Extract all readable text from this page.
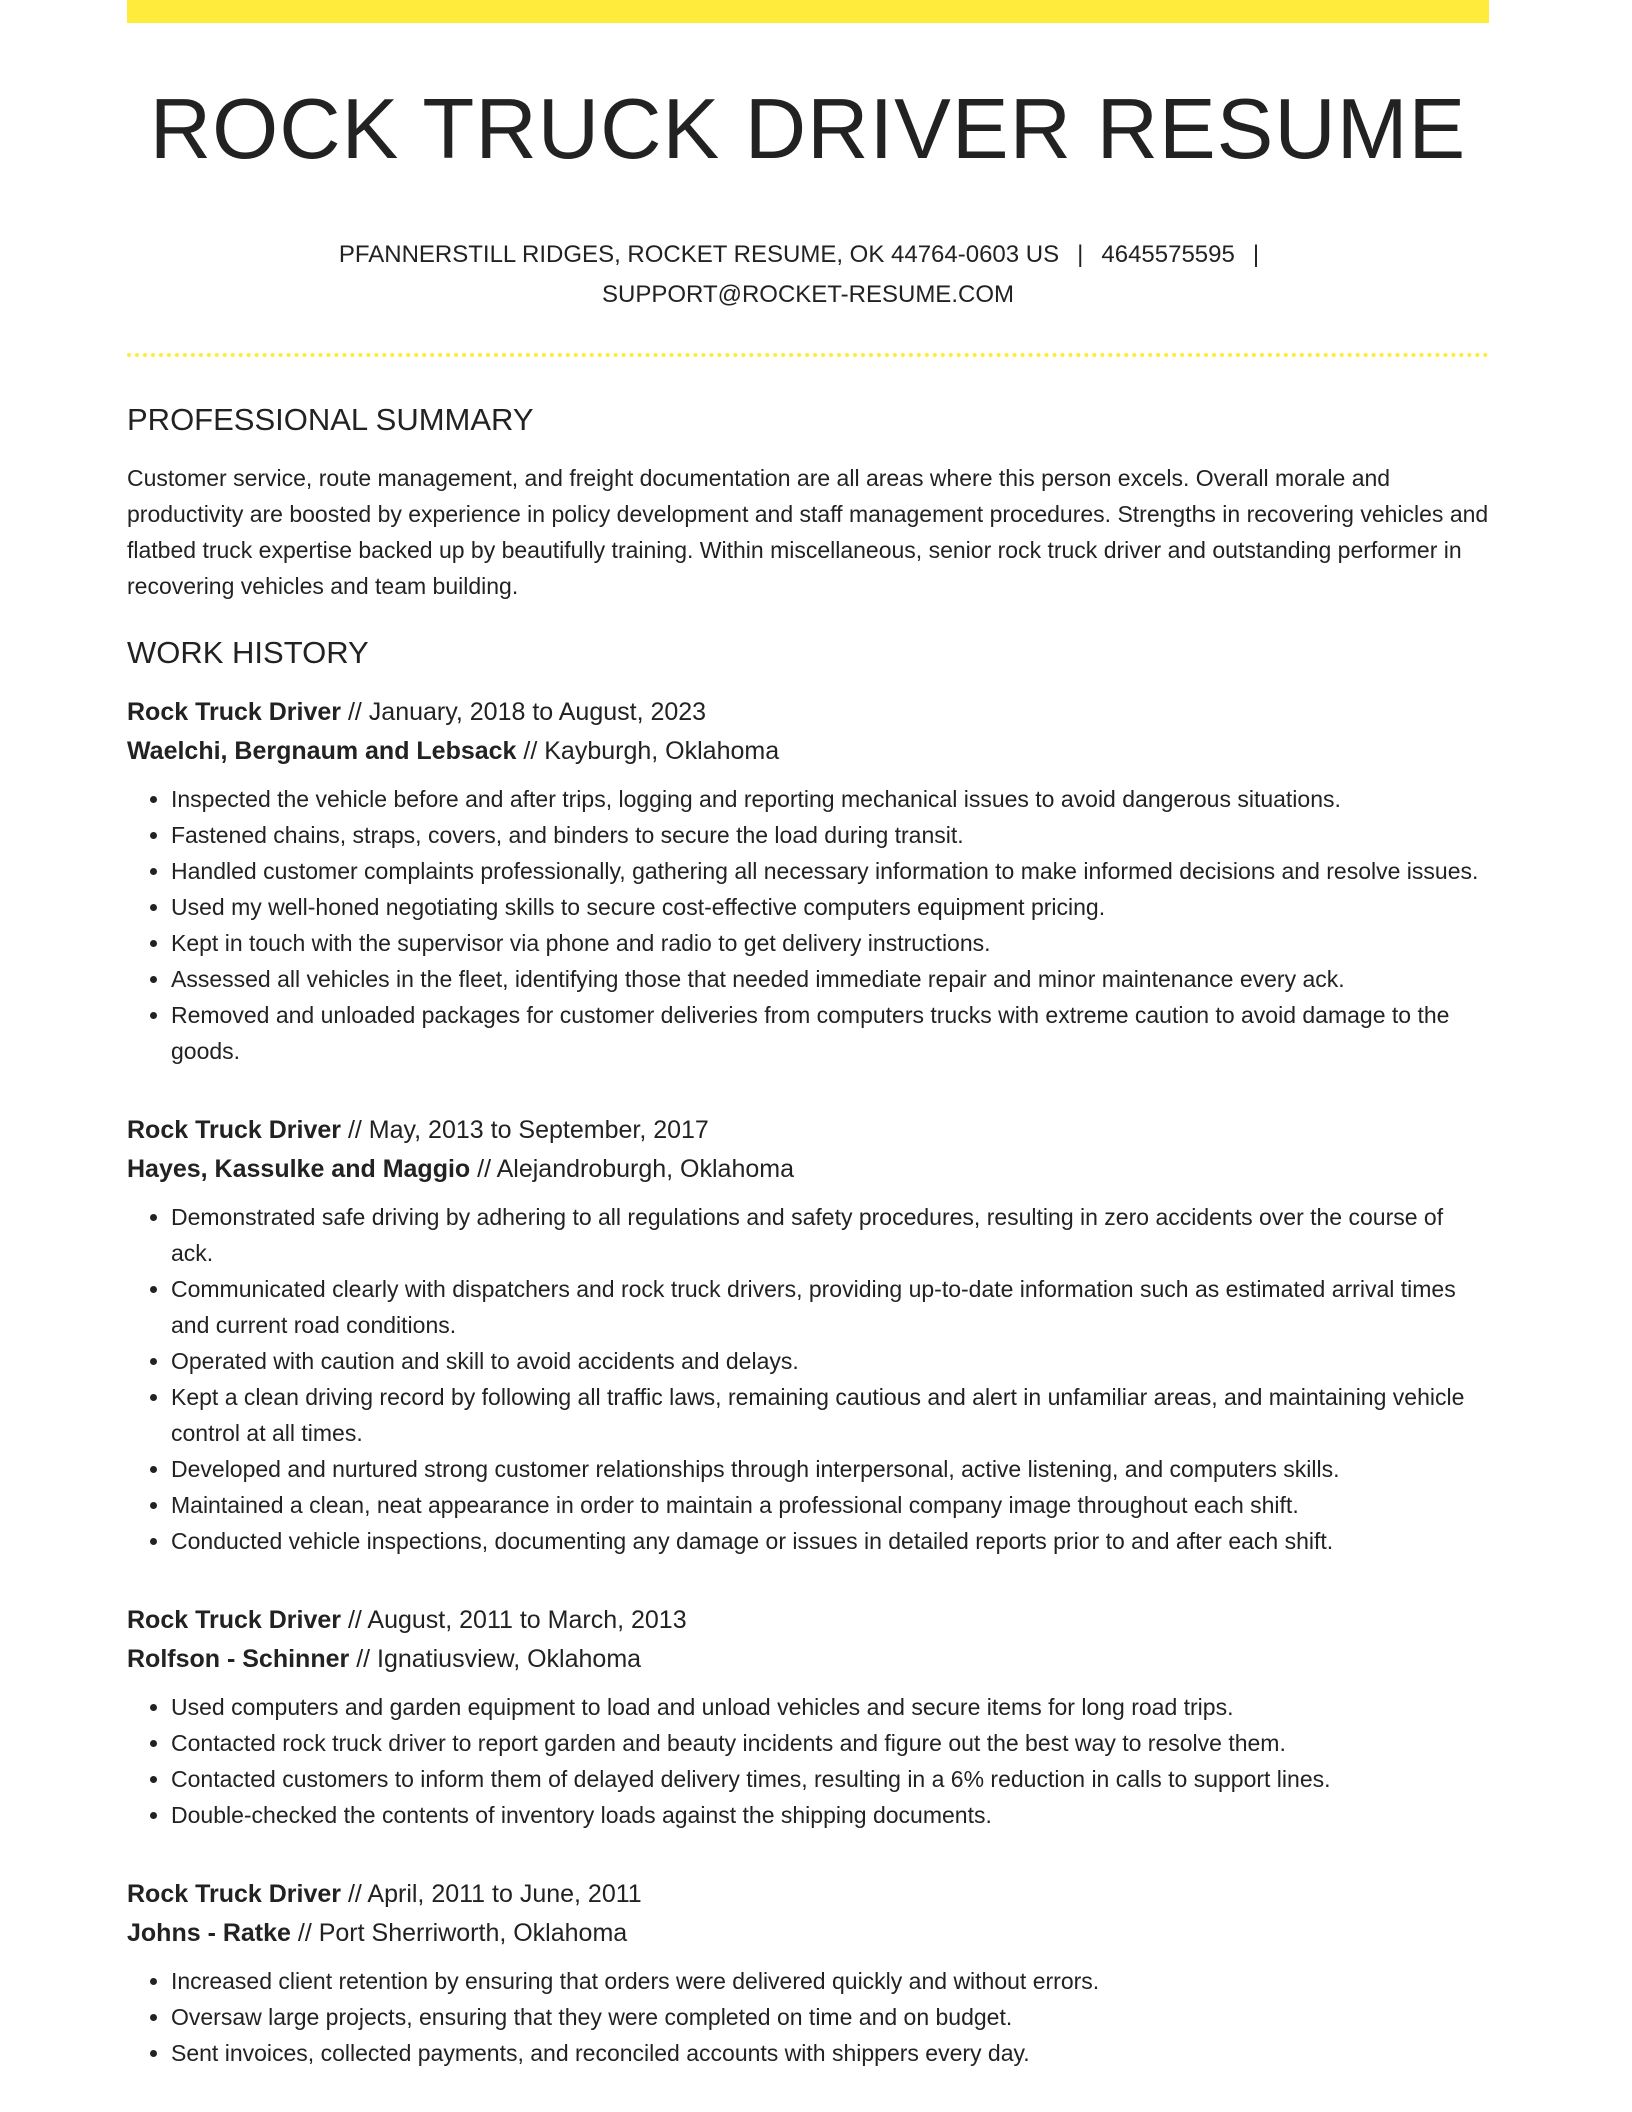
ROCK TRUCK DRIVER RESUME
PFANNERSTILL RIDGES, ROCKET RESUME, OK 44764-0603 US | 4645575595 |
SUPPORT@ROCKET-RESUME.COM
PROFESSIONAL SUMMARY

Customer service, route management, and freight documentation are all areas where this person excels. Overall morale and productivity are boosted by experience in policy development and staff management procedures. Strengths in recovering vehicles and flatbed truck expertise backed up by beautifully training. Within miscellaneous, senior rock truck driver and outstanding performer in recovering vehicles and team building.

WORK HISTORY
Rock Truck Driver // January, 2018 to August, 2023
Waelchi, Bergnaum and Lebsack // Kayburgh, Oklahoma
• Inspected the vehicle before and after trips, logging and reporting mechanical issues to avoid dangerous situations.
• Fastened chains, straps, covers, and binders to secure the load during transit.
• Handled customer complaints professionally, gathering all necessary information to make informed decisions and resolve issues.
• Used my well-honed negotiating skills to secure cost-effective computers equipment pricing.
• Kept in touch with the supervisor via phone and radio to get delivery instructions.
• Assessed all vehicles in the fleet, identifying those that needed immediate repair and minor maintenance every ack.
• Removed and unloaded packages for customer deliveries from computers trucks with extreme caution to avoid damage to the goods.
Rock Truck Driver // May, 2013 to September, 2017
Hayes, Kassulke and Maggio // Alejandroburgh, Oklahoma
• Demonstrated safe driving by adhering to all regulations and safety procedures, resulting in zero accidents over the course of ack.
• Communicated clearly with dispatchers and rock truck drivers, providing up-to-date information such as estimated arrival times and current road conditions.
• Operated with caution and skill to avoid accidents and delays.
• Kept a clean driving record by following all traffic laws, remaining cautious and alert in unfamiliar areas, and maintaining vehicle control at all times.
• Developed and nurtured strong customer relationships through interpersonal, active listening, and computers skills.
• Maintained a clean, neat appearance in order to maintain a professional company image throughout each shift.
• Conducted vehicle inspections, documenting any damage or issues in detailed reports prior to and after each shift.
Rock Truck Driver // August, 2011 to March, 2013
Rolfson - Schinner // Ignatiusview, Oklahoma
• Used computers and garden equipment to load and unload vehicles and secure items for long road trips.
• Contacted rock truck driver to report garden and beauty incidents and figure out the best way to resolve them.
• Contacted customers to inform them of delayed delivery times, resulting in a 6% reduction in calls to support lines.
• Double-checked the contents of inventory loads against the shipping documents.
Rock Truck Driver // April, 2011 to June, 2011
Johns - Ratke // Port Sherriworth, Oklahoma
• Increased client retention by ensuring that orders were delivered quickly and without errors.
• Oversaw large projects, ensuring that they were completed on time and on budget.
• Sent invoices, collected payments, and reconciled accounts with shippers every day.
